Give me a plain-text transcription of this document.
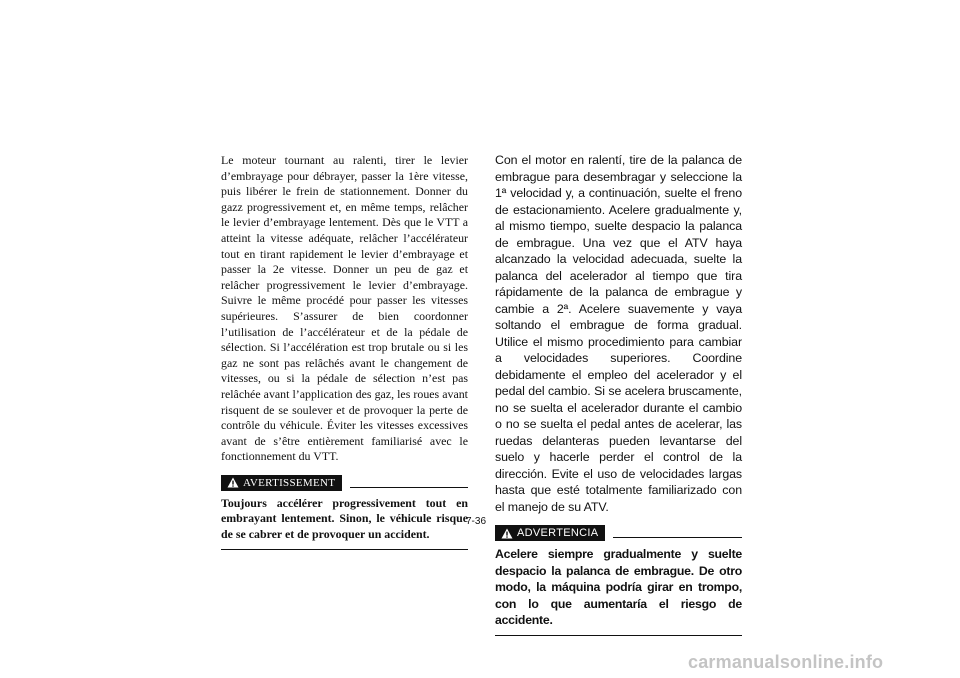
Le moteur tournant au ralenti, tirer le levier d’embrayage pour débrayer, passer la 1ère vitesse, puis libérer le frein de stationnement. Donner du gazz progressivement et, en même temps, relâcher le levier d’embrayage lentement. Dès que le VTT a atteint la vitesse adéquate, relâcher l’accélérateur tout en tirant rapidement le levier d’embrayage et passer la 2e vitesse. Donner un peu de gaz et relâcher progressivement le levier d’embrayage. Suivre le même procédé pour passer les vitesses supérieures. S’assurer de bien coordonner l’utilisation de l’accélérateur et de la pédale de sélection. Si l’accélération est trop brutale ou si les gaz ne sont pas relâchés avant le changement de vitesses, ou si la pédale de sélection n’est pas relâchée avant l’application des gaz, les roues avant risquent de se soulever et de provoquer la perte de contrôle du véhicule. Éviter les vitesses excessives avant de s’être entièrement familiarisé avec le fonctionnement du VTT.

AVERTISSEMENT

Toujours accélérer progressivement tout en embrayant lentement. Sinon, le véhicule risque de se cabrer et de provoquer un accident.

Con el motor en ralentí, tire de la palanca de embrague para desembragar y seleccione la 1ª velocidad y, a continuación, suelte el freno de estacionamiento. Acelere gradualmente y, al mismo tiempo, suelte despacio la palanca de embrague. Una vez que el ATV haya alcanzado la velocidad adecuada, suelte la palanca del acelerador al tiempo que tira rápidamente de la palanca de embrague y cambie a 2ª. Acelere suavemente y vaya soltando el embrague de forma gradual. Utilice el mismo procedimiento para cambiar a velocidades superiores. Coordine debidamente el empleo del acelerador y el pedal del cambio. Si se acelera bruscamente, no se suelta el acelerador durante el cambio o no se suelta el pedal antes de acelerar, las ruedas delanteras pueden levantarse del suelo y hacerle perder el control de la dirección. Evite el uso de velocidades largas hasta que esté totalmente familiarizado con el manejo de su ATV.

ADVERTENCIA

Acelere siempre gradualmente y suelte despacio la palanca de embrague. De otro modo, la máquina podría girar en trompo, con lo que aumentaría el riesgo de accidente.

7-36
carmanualsonline.info
